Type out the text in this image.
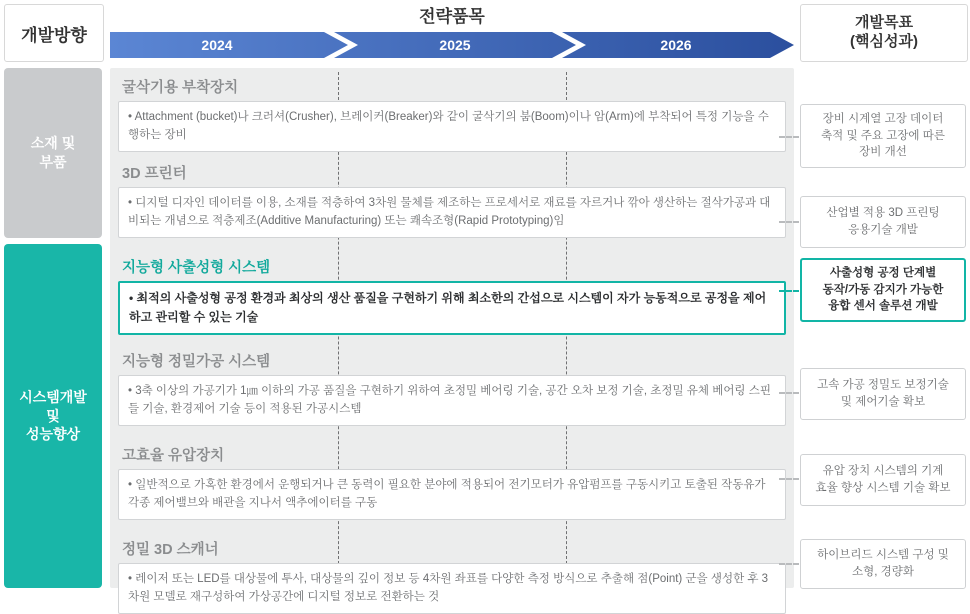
개발방향
전략품목
2024	2025	2026
개발목표
(핵심성과)
소재 및
부품
시스템개발
및
성능향상
굴삭기용 부착장치
• Attachment (bucket)나 크러셔(Crusher), 브레이커(Breaker)와 같이 굴삭기의 붐(Boom)이나 암(Arm)에 부착되어 특정 기능을 수행하는 장비
3D 프린터
• 디지털 디자인 데이터를 이용, 소재를 적층하여 3차원 물체를 제조하는 프로세서로 재료를 자르거나 깎아 생산하는 절삭가공과 대비되는 개념으로 적층제조(Additive Manufacturing) 또는 쾌속조형(Rapid Prototyping)임
지능형 사출성형 시스템
• 최적의 사출성형 공정 환경과 최상의 생산 품질을 구현하기 위해 최소한의 간섭으로 시스템이 자가 능동적으로 공정을 제어하고 관리할 수 있는 기술
지능형 정밀가공 시스템
• 3축 이상의 가공기가 1㎛ 이하의 가공 품질을 구현하기 위하여 초정밀 베어링 기술, 공간 오차 보정 기술, 초정밀 유체 베어링 스핀들 기술, 환경제어 기술 등이 적용된 가공시스템
고효율 유압장치
• 일반적으로 가혹한 환경에서 운행되거나 큰 동력이 필요한 분야에 적용되어 전기모터가 유압펌프를 구동시키고 토출된 작동유가 각종 제어밸브와 배관을 지나서 액추에이터를 구동
정밀 3D 스캐너
• 레이저 또는 LED를 대상물에 투사, 대상물의 깊이 정보 등 4차원 좌표를 다양한 측정 방식으로 추출해 점(Point) 군을 생성한 후 3차원 모델로 재구성하여 가상공간에 디지털 정보로 전환하는 것
장비 시계열 고장 데이터
축적 및 주요 고장에 따른
장비 개선
산업별 적용 3D 프린팅
응용기술 개발
사출성형 공정 단계별
동작/가동 감지가 가능한
융합 센서 솔루션 개발
고속 가공 정밀도 보정기술
및 제어기술 확보
유압 장치 시스템의 기계
효율 향상 시스템 기술 확보
하이브리드 시스템 구성 및
소형, 경량화
